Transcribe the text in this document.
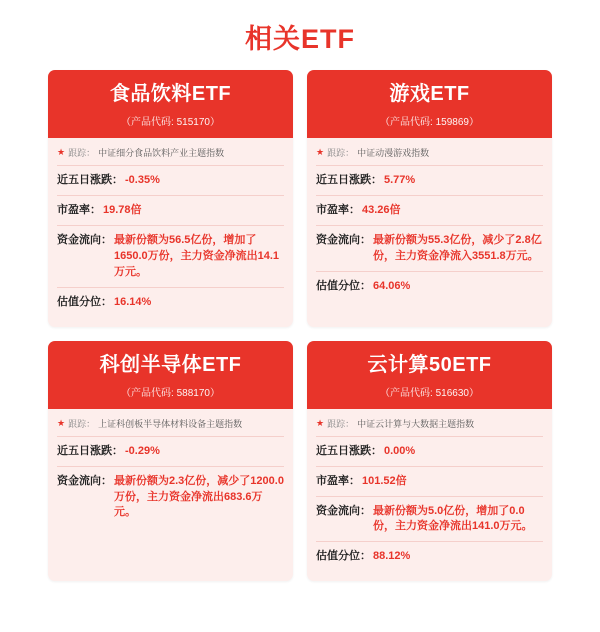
相关ETF
食品饮料ETF
（产品代码: 515170）
★ 跟踪： 中证细分食品饮料产业主题指数
近五日涨跌： -0.35%
市盈率： 19.78倍
资金流向： 最新份额为56.5亿份，增加了1650.0万份，主力资金净流出14.1万元。
估值分位： 16.14%
游戏ETF
（产品代码: 159869）
★ 跟踪： 中证动漫游戏指数
近五日涨跌： 5.77%
市盈率： 43.26倍
资金流向： 最新份额为55.3亿份，减少了2.8亿份，主力资金净流入3551.8万元。
估值分位： 64.06%
科创半导体ETF
（产品代码: 588170）
★ 跟踪： 上证科创板半导体材料设备主题指数
近五日涨跌： -0.29%
资金流向： 最新份额为2.3亿份，减少了1200.0万份，主力资金净流出683.6万元。
云计算50ETF
（产品代码: 516630）
★ 跟踪： 中证云计算与大数据主题指数
近五日涨跌： 0.00%
市盈率： 101.52倍
资金流向： 最新份额为5.0亿份，增加了0.0份，主力资金净流出141.0万元。
估值分位： 88.12%
